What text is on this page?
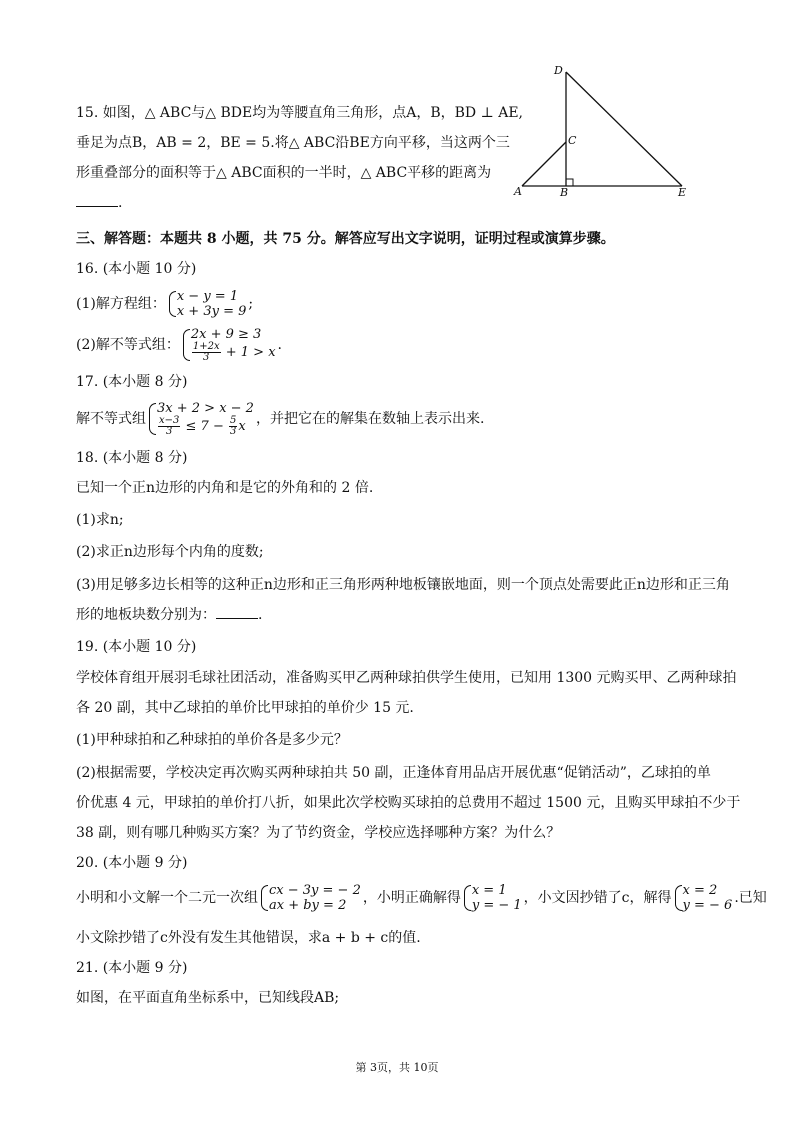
D
C
A	B	E
15. 如图，△ ABC与△ BDE均为等腰直角三角形，点A，B，BD ⊥ AE,
垂足为点B，AB = 2，BE = 5.将△ ABC沿BE方向平移，当这两个三
形重叠部分的面积等于△ ABC面积的一半时，△ ABC平移的距离为
.
三、解答题：本题共 8 小题，共 75 分。解答应写出文字说明，证明过程或演算步骤。
16. (本小题 10 分)
(1)解方程组： x − y = 1
x + 3y = 9 ;
(2)解不等式组：
2x + 9 ≥ 3
$\frac{1+2x}{3} + 1 > x$ .
17. (本小题 8 分)
解不等式组
3x + 2 > x − 2
$\frac{x-3}{3} \le 7 - \frac{5}{3}$ x ，并把它在的解集在数轴上表示出来.
18. (本小题 8 分)
已知一个正n边形的内角和是它的外角和的 2 倍.
(1)求n;
(2)求正n边形每个内角的度数;
(3)用足够多边长相等的这种正n边形和正三角形两种地板镶嵌地面，则一个顶点处需要此正n边形和正三角
形的地板块数分别为：	.
19. (本小题 10 分)
学校体育组开展羽毛球社团活动，准备购买甲乙两种球拍供学生使用，已知用 1300 元购买甲、乙两种球拍
各 20 副，其中乙球拍的单价比甲球拍的单价少 15 元.
(1)甲种球拍和乙种球拍的单价各是多少元？
(2)根据需要，学校决定再次购买两种球拍共 50 副，正逢体育用品店开展优惠“促销活动”，乙球拍的单
价优惠 4 元，甲球拍的单价打八折，如果此次学校购买球拍的总费用不超过 1500 元，且购买甲球拍不少于
38 副，则有哪几种购买方案？为了节约资金，学校应选择哪种方案？为什么？
20. (本小题 9 分)
小明和小文解一个二元一次组 cx − 3y = − 2
ax + by = 2	，小明正确解得 x = 1
y = − 1 ，小文因抄错了c，解得 x = 2
y = − 6 .已知
小文除抄错了c外没有发生其他错误，求a + b + c的值.
21. (本小题 9 分)
如图，在平面直角坐标系中，已知线段AB;
第 3页，共 10页
